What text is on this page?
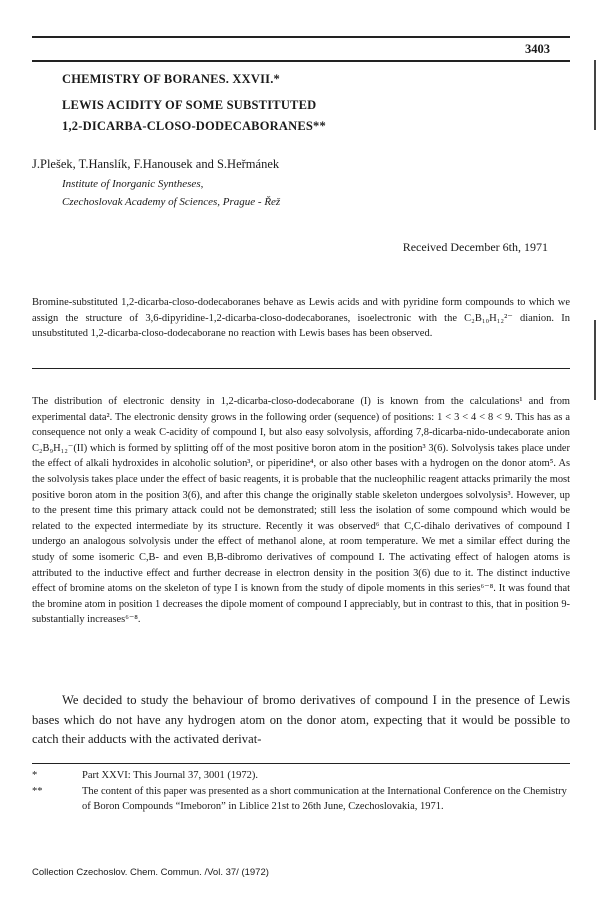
3403
CHEMISTRY OF BORANES. XXVII.*
LEWIS ACIDITY OF SOME SUBSTITUTED
1,2-DICARBA-CLOSO-DODECABORANES**
J.Plešek, T.Hanslík, F.Hanousek and S.Heřmánek
Institute of Inorganic Syntheses,
Czechoslovak Academy of Sciences, Prague - Řež
Received December 6th, 1971

Bromine-substituted 1,2-dicarba-closo-dodecaboranes behave as Lewis acids and with pyridine form compounds to which we assign the structure of 3,6-dipyridine-1,2-dicarba-closo-dodecaboranes, isoelectronic with the C₂B₁₀H₁₂²⁻ dianion. In unsubstituted 1,2-dicarba-closo-dodecaborane no reaction with Lewis bases has been observed.

The distribution of electronic density in 1,2-dicarba-closo-dodecaborane (I) is known from the calculations¹ and from experimental data². The electronic density grows in the following order (sequence) of positions: 1 < 3 < 4 < 8 < 9. This has as a consequence not only a weak C-acidity of compound I, but also easy solvolysis, affording 7,8-dicarba-nido-undecaborate anion C₂B₉H₁₂⁻(II) which is formed by splitting off of the most positive boron atom in the position³ 3(6). Solvolysis takes place under the effect of alkali hydroxides in alcoholic solution³, or piperidine⁴, or also other bases with a hydrogen on the donor atom⁵. As the solvolysis takes place under the effect of basic reagents, it is probable that the nucleophilic reagent attacks primarily the most positive boron atom in the position 3(6), and after this change the originally stable skeleton undergoes solvolysis³. However, up to the present time this primary attack could not be demonstrated; still less the isolation of some compound which would be related to the expected intermediate by its structure. Recently it was observed⁶ that C,C-dihalo derivatives of compound I undergo an analogous solvolysis under the effect of methanol alone, at room temperature. We met a similar effect during the study of some isomeric C,B- and even B,B-dibromo derivatives of compound I. The activating effect of halogen atoms is attributed to the inductive effect and further decrease in electron density in the position 3(6) due to it. The distinct inductive effect of bromine atoms on the skeleton of type I is known from the study of dipole moments in this series⁶⁻⁸. It was found that the bromine atom in position 1 decreases the dipole moment of compound I appreciably, but in contrast to this, that in position 9-substantially increases⁶⁻⁸.

We decided to study the behaviour of bromo derivatives of compound I in the presence of Lewis bases which do not have any hydrogen atom on the donor atom, expecting that it would be possible to catch their adducts with the activated derivat-

*	Part XXVI: This Journal 37, 3001 (1972).
**	The content of this paper was presented as a short communication at the International Conference on the Chemistry of Boron Compounds “Imeboron” in Liblice 21st to 26th June, Czechoslovakia, 1971.
Collection Czechoslov. Chem. Commun. /Vol. 37/ (1972)
